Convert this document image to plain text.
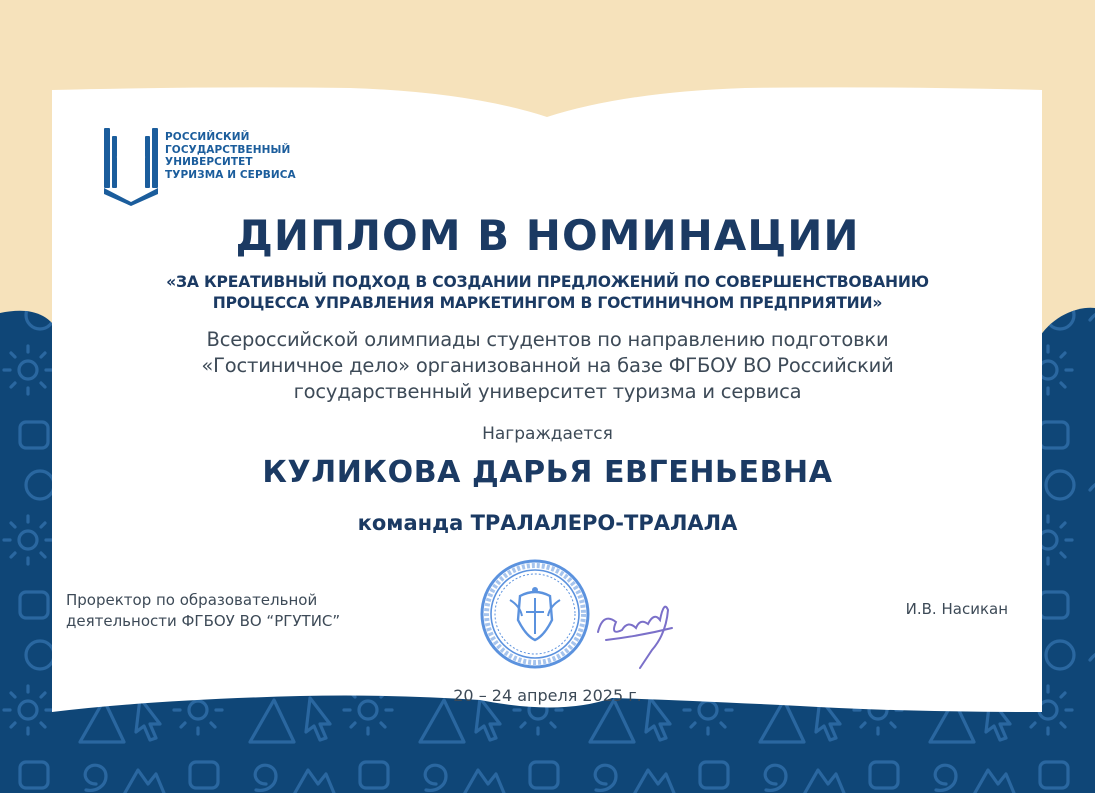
РОССИЙСКИЙ
ГОСУДАРСТВЕННЫЙ
УНИВЕРСИТЕТ
ТУРИЗМА И СЕРВИСА
ДИПЛОМ В НОМИНАЦИИ
«ЗА КРЕАТИВНЫЙ ПОДХОД В СОЗДАНИИ ПРЕДЛОЖЕНИЙ ПО СОВЕРШЕНСТВОВАНИЮ
ПРОЦЕССА УПРАВЛЕНИЯ МАРКЕТИНГОМ В ГОСТИНИЧНОМ ПРЕДПРИЯТИИ»
Всероссийской олимпиады студентов по направлению подготовки
«Гостиничное дело» организованной на базе ФГБОУ ВО Российский
государственный университет туризма и сервиса
Награждается
КУЛИКОВА ДАРЬЯ ЕВГЕНЬЕВНА
команда ТРАЛАЛЕРО-ТРАЛАЛА
Проректор по образовательной
деятельности ФГБОУ ВО “РГУТИС”
И.В. Насикан
20 – 24 апреля 2025 г.
